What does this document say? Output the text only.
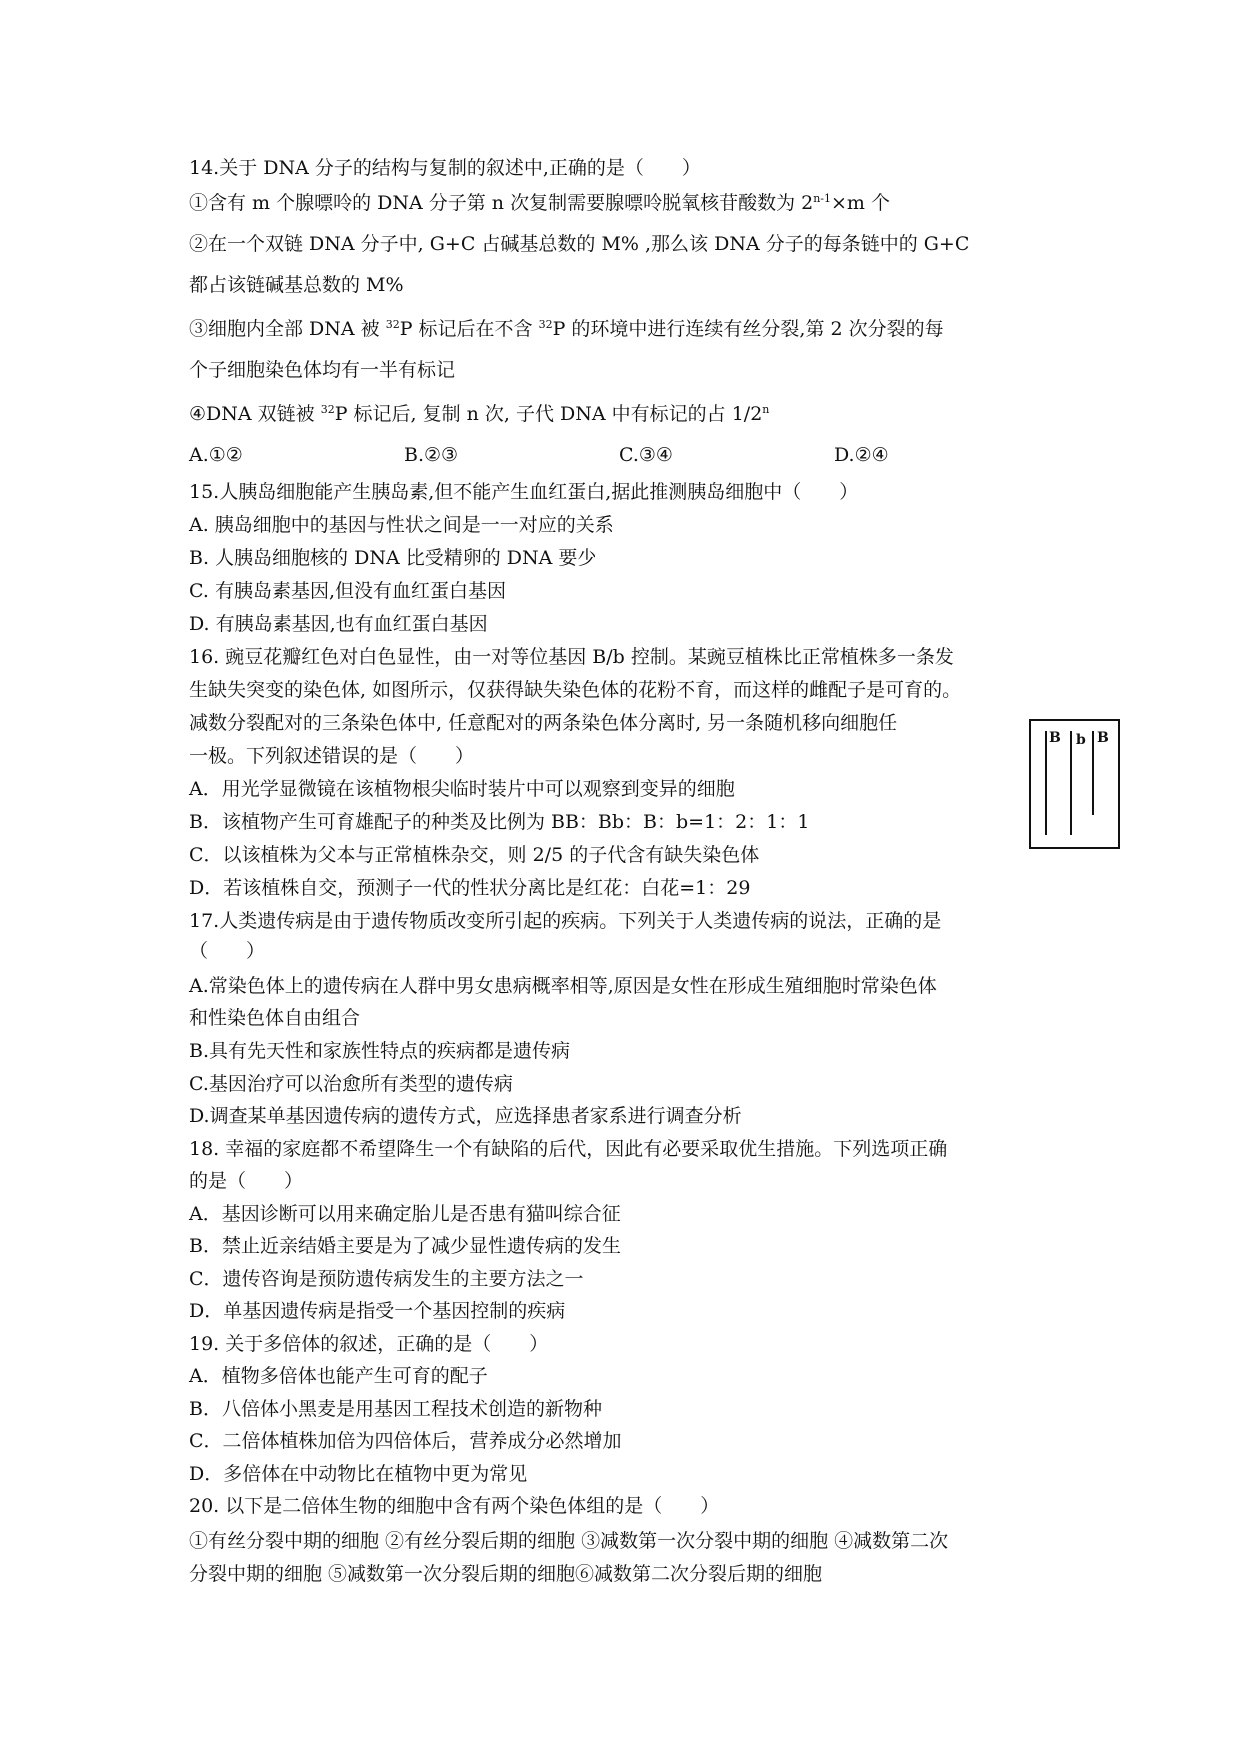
14.关于 DNA 分子的结构与复制的叙述中,正确的是（　　）
①含有 m 个腺嘌呤的 DNA 分子第 n 次复制需要腺嘌呤脱氧核苷酸数为 $2^{n-1}\times m$ 个
②在一个双链 DNA 分子中, G+C 占碱基总数的 M% ,那么该 DNA 分子的每条链中的 G+C
都占该链碱基总数的 M%
③细胞内全部 DNA 被 $^{32}$P 标记后在不含 $^{32}$P 的环境中进行连续有丝分裂,第 2 次分裂的每
个子细胞染色体均有一半有标记
④DNA 双链被 $^{32}$P 标记后, 复制 n 次, 子代 DNA 中有标记的占 1/2$^n$
A.①②	B.②③	C.③④	D.②④
15.人胰岛细胞能产生胰岛素,但不能产生血红蛋白,据此推测胰岛细胞中（　　）
A. 胰岛细胞中的基因与性状之间是一一对应的关系
B. 人胰岛细胞核的 DNA 比受精卵的 DNA 要少
C. 有胰岛素基因,但没有血红蛋白基因
D. 有胰岛素基因,也有血红蛋白基因
16. 豌豆花瓣红色对白色显性，由一对等位基因 B/b 控制。某豌豆植株比正常植株多一条发
生缺失突变的染色体, 如图所示，仅获得缺失染色体的花粉不育，而这样的雌配子是可育的。
减数分裂配对的三条染色体中, 任意配对的两条染色体分离时, 另一条随机移向细胞任
一极。下列叙述错误的是（　　）
A．用光学显微镜在该植物根尖临时装片中可以观察到变异的细胞
B．该植物产生可育雄配子的种类及比例为 BB：Bb：B：b=1：2：1：1
C．以该植株为父本与正常植株杂交，则 2/5 的子代含有缺失染色体
D．若该植株自交，预测子一代的性状分离比是红花：白花=1：29
B b B
17.人类遗传病是由于遗传物质改变所引起的疾病。下列关于人类遗传病的说法，正确的是
（　　）
A.常染色体上的遗传病在人群中男女患病概率相等,原因是女性在形成生殖细胞时常染色体
和性染色体自由组合
B.具有先天性和家族性特点的疾病都是遗传病
C.基因治疗可以治愈所有类型的遗传病
D.调查某单基因遗传病的遗传方式，应选择患者家系进行调查分析
18. 幸福的家庭都不希望降生一个有缺陷的后代，因此有必要采取优生措施。下列选项正确
的是（　　）
A．基因诊断可以用来确定胎儿是否患有猫叫综合征
B．禁止近亲结婚主要是为了减少显性遗传病的发生
C．遗传咨询是预防遗传病发生的主要方法之一
D．单基因遗传病是指受一个基因控制的疾病
19. 关于多倍体的叙述，正确的是（　　）
A．植物多倍体也能产生可育的配子
B．八倍体小黑麦是用基因工程技术创造的新物种
C．二倍体植株加倍为四倍体后，营养成分必然增加
D．多倍体在中动物比在植物中更为常见
20. 以下是二倍体生物的细胞中含有两个染色体组的是（　　）
①有丝分裂中期的细胞 ②有丝分裂后期的细胞 ③减数第一次分裂中期的细胞 ④减数第二次
分裂中期的细胞 ⑤减数第一次分裂后期的细胞⑥减数第二次分裂后期的细胞
